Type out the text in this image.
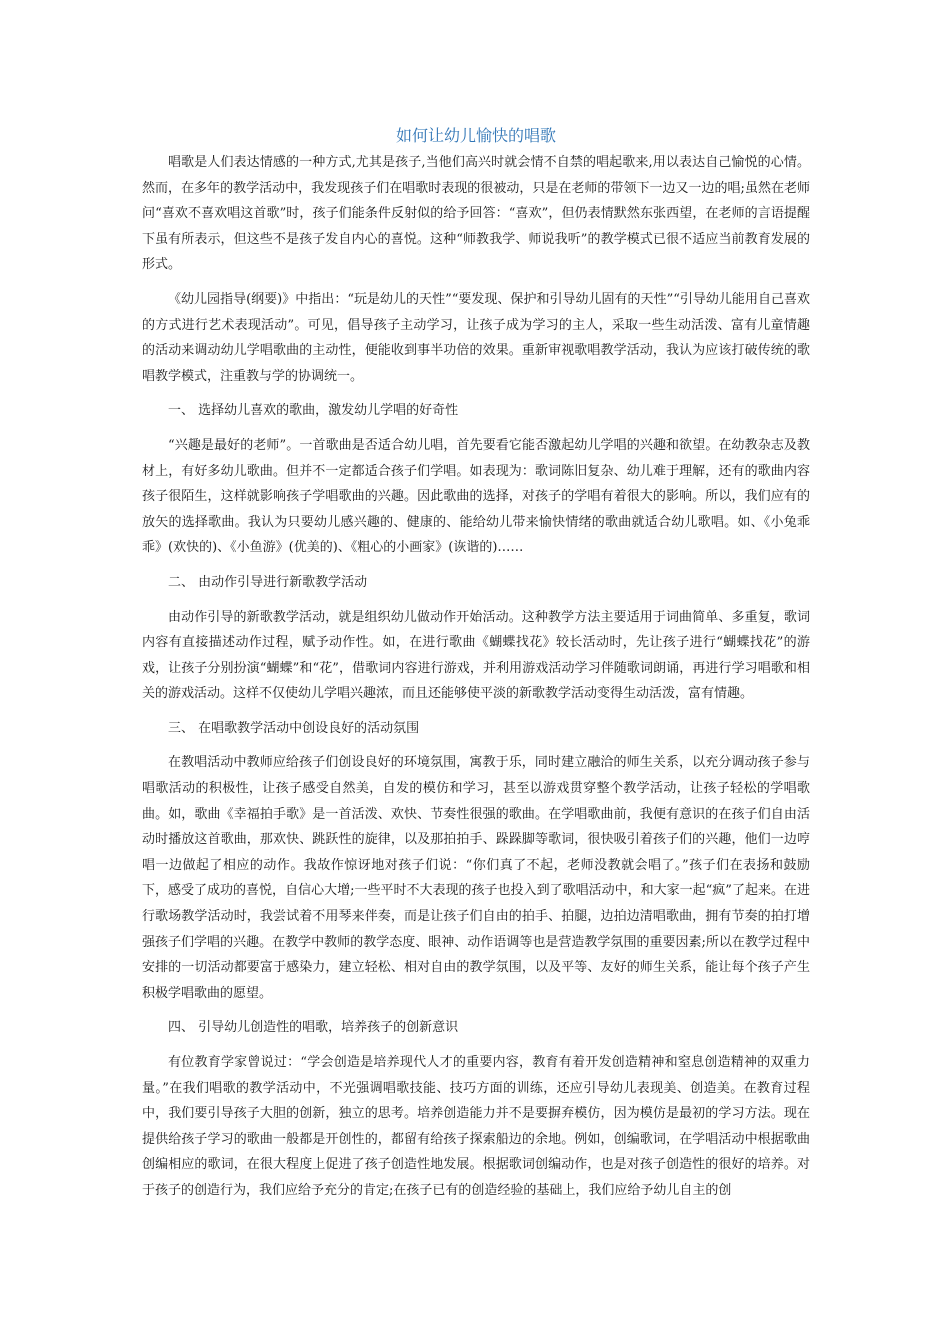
如何让幼儿愉快的唱歌

唱歌是人们表达情感的一种方式,尤其是孩子,当他们高兴时就会情不自禁的唱起歌来,用以表达自己愉悦的心情。然而，在多年的教学活动中，我发现孩子们在唱歌时表现的很被动，只是在老师的带领下一边又一边的唱;虽然在老师问“喜欢不喜欢唱这首歌”时，孩子们能条件反射似的给予回答：“喜欢”，但仍表情默然东张西望，在老师的言语提醒下虽有所表示，但这些不是孩子发自内心的喜悦。这种“师教我学、师说我听”的教学模式已很不适应当前教育发展的形式。

《幼儿园指导(纲要)》中指出：“玩是幼儿的天性”“要发现、保护和引导幼儿固有的天性”“引导幼儿能用自己喜欢的方式进行艺术表现活动”。可见，倡导孩子主动学习，让孩子成为学习的主人，采取一些生动活泼、富有儿童情趣的活动来调动幼儿学唱歌曲的主动性，便能收到事半功倍的效果。重新审视歌唱教学活动，我认为应该打破传统的歌唱教学模式，注重教与学的协调统一。

一、 选择幼儿喜欢的歌曲，激发幼儿学唱的好奇性

“兴趣是最好的老师”。一首歌曲是否适合幼儿唱，首先要看它能否激起幼儿学唱的兴趣和欲望。在幼教杂志及教材上，有好多幼儿歌曲。但并不一定都适合孩子们学唱。如表现为：歌词陈旧复杂、幼儿难于理解，还有的歌曲内容孩子很陌生，这样就影响孩子学唱歌曲的兴趣。因此歌曲的选择，对孩子的学唱有着很大的影响。所以，我们应有的放矢的选择歌曲。我认为只要幼儿感兴趣的、健康的、能给幼儿带来愉快情绪的歌曲就适合幼儿歌唱。如、《小兔乖乖》(欢快的)、《小鱼游》(优美的)、《粗心的小画家》(诙谐的)……

二、 由动作引导进行新歌教学活动

由动作引导的新歌教学活动，就是组织幼儿做动作开始活动。这种教学方法主要适用于词曲简单、多重复，歌词内容有直接描述动作过程，赋予动作性。如，在进行歌曲《蝴蝶找花》较长活动时，先让孩子进行“蝴蝶找花”的游戏，让孩子分别扮演“蝴蝶”和“花”，借歌词内容进行游戏，并利用游戏活动学习伴随歌词朗诵，再进行学习唱歌和相关的游戏活动。这样不仅使幼儿学唱兴趣浓，而且还能够使平淡的新歌教学活动变得生动活泼，富有情趣。

三、 在唱歌教学活动中创设良好的活动氛围

在教唱活动中教师应给孩子们创设良好的环境氛围，寓教于乐，同时建立融洽的师生关系，以充分调动孩子参与唱歌活动的积极性，让孩子感受自然美，自发的模仿和学习，甚至以游戏贯穿整个教学活动，让孩子轻松的学唱歌曲。如，歌曲《幸福拍手歌》是一首活泼、欢快、节奏性很强的歌曲。在学唱歌曲前，我便有意识的在孩子们自由活动时播放这首歌曲，那欢快、跳跃性的旋律，以及那拍拍手、跺跺脚等歌词，很快吸引着孩子们的兴趣，他们一边哼唱一边做起了相应的动作。我故作惊讶地对孩子们说：“你们真了不起，老师没教就会唱了。”孩子们在表扬和鼓励下，感受了成功的喜悦，自信心大增;一些平时不大表现的孩子也投入到了歌唱活动中，和大家一起“疯”了起来。在进行歌场教学活动时，我尝试着不用琴来伴奏，而是让孩子们自由的拍手、拍腿，边拍边清唱歌曲，拥有节奏的拍打增强孩子们学唱的兴趣。在教学中教师的教学态度、眼神、动作语调等也是营造教学氛围的重要因素;所以在教学过程中安排的一切活动都要富于感染力，建立轻松、相对自由的教学氛围，以及平等、友好的师生关系，能让每个孩子产生积极学唱歌曲的愿望。

四、 引导幼儿创造性的唱歌，培养孩子的创新意识

有位教育学家曾说过：“学会创造是培养现代人才的重要内容，教育有着开发创造精神和窒息创造精神的双重力量。”在我们唱歌的教学活动中，不光强调唱歌技能、技巧方面的训练，还应引导幼儿表现美、创造美。在教育过程中，我们要引导孩子大胆的创新，独立的思考。培养创造能力并不是要摒弃模仿，因为模仿是最初的学习方法。现在提供给孩子学习的歌曲一般都是开创性的，都留有给孩子探索船边的余地。例如，创编歌词，在学唱活动中根据歌曲创编相应的歌词，在很大程度上促进了孩子创造性地发展。根据歌词创编动作，也是对孩子创造性的很好的培养。对于孩子的创造行为，我们应给予充分的肯定;在孩子已有的创造经验的基础上，我们应给予幼儿自主的创
